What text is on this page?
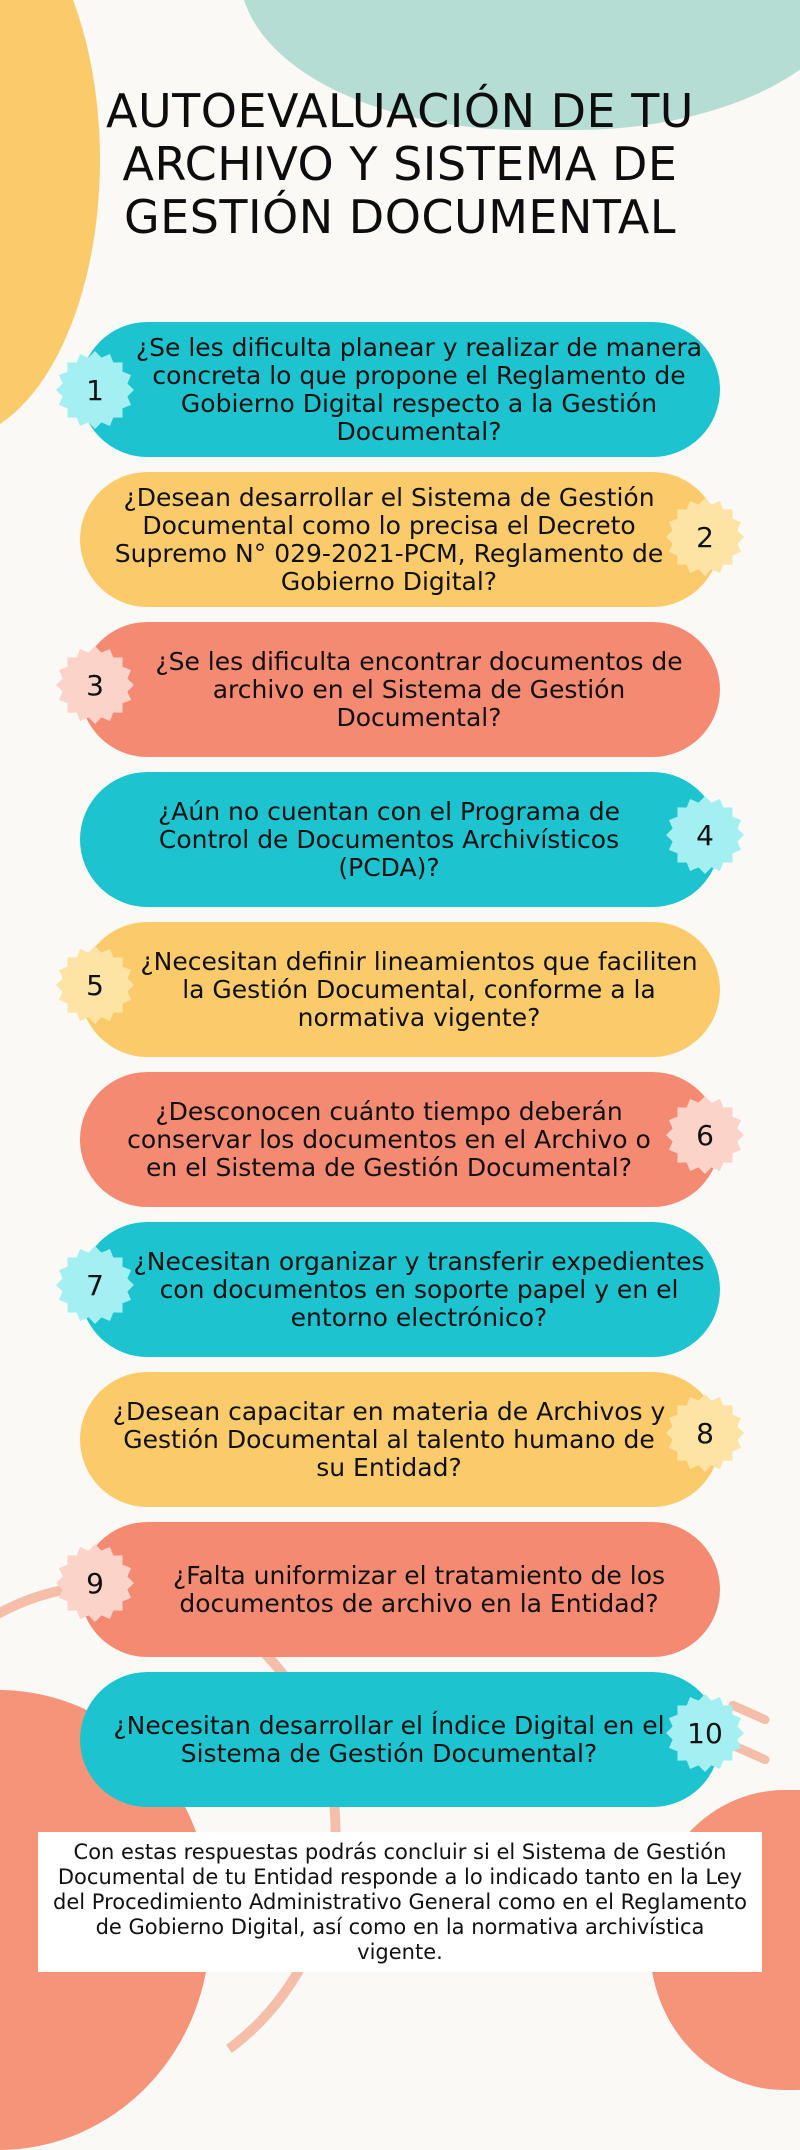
AUTOEVALUACIÓN DE TU ARCHIVO Y SISTEMA DE GESTIÓN DOCUMENTAL
¿Se les dificulta planear y realizar de manera concreta lo que propone el Reglamento de Gobierno Digital respecto a la Gestión Documental?
1
¿Desean desarrollar el Sistema de Gestión Documental como lo precisa el Decreto Supremo N° 029-2021-PCM, Reglamento de Gobierno Digital?
2
¿Se les dificulta encontrar documentos de archivo en el Sistema de Gestión Documental?
3
¿Aún no cuentan con el Programa de Control de Documentos Archivísticos (PCDA)?
4
¿Necesitan definir lineamientos que faciliten la Gestión Documental, conforme a la normativa vigente?
5
¿Desconocen cuánto tiempo deberán conservar los documentos en el Archivo o en el Sistema de Gestión Documental?
6
¿Necesitan organizar y transferir expedientes con documentos en soporte papel y en el entorno electrónico?
7
¿Desean capacitar en materia de Archivos y Gestión Documental al talento humano de su Entidad?
8
¿Falta uniformizar el tratamiento de los documentos de archivo en la Entidad?
9
¿Necesitan desarrollar el Índice Digital en el Sistema de Gestión Documental?
10
Con estas respuestas podrás concluir si el Sistema de Gestión Documental de tu Entidad responde a lo indicado tanto en la Ley del Procedimiento Administrativo General como en el Reglamento de Gobierno Digital, así como en la normativa archivística vigente.
